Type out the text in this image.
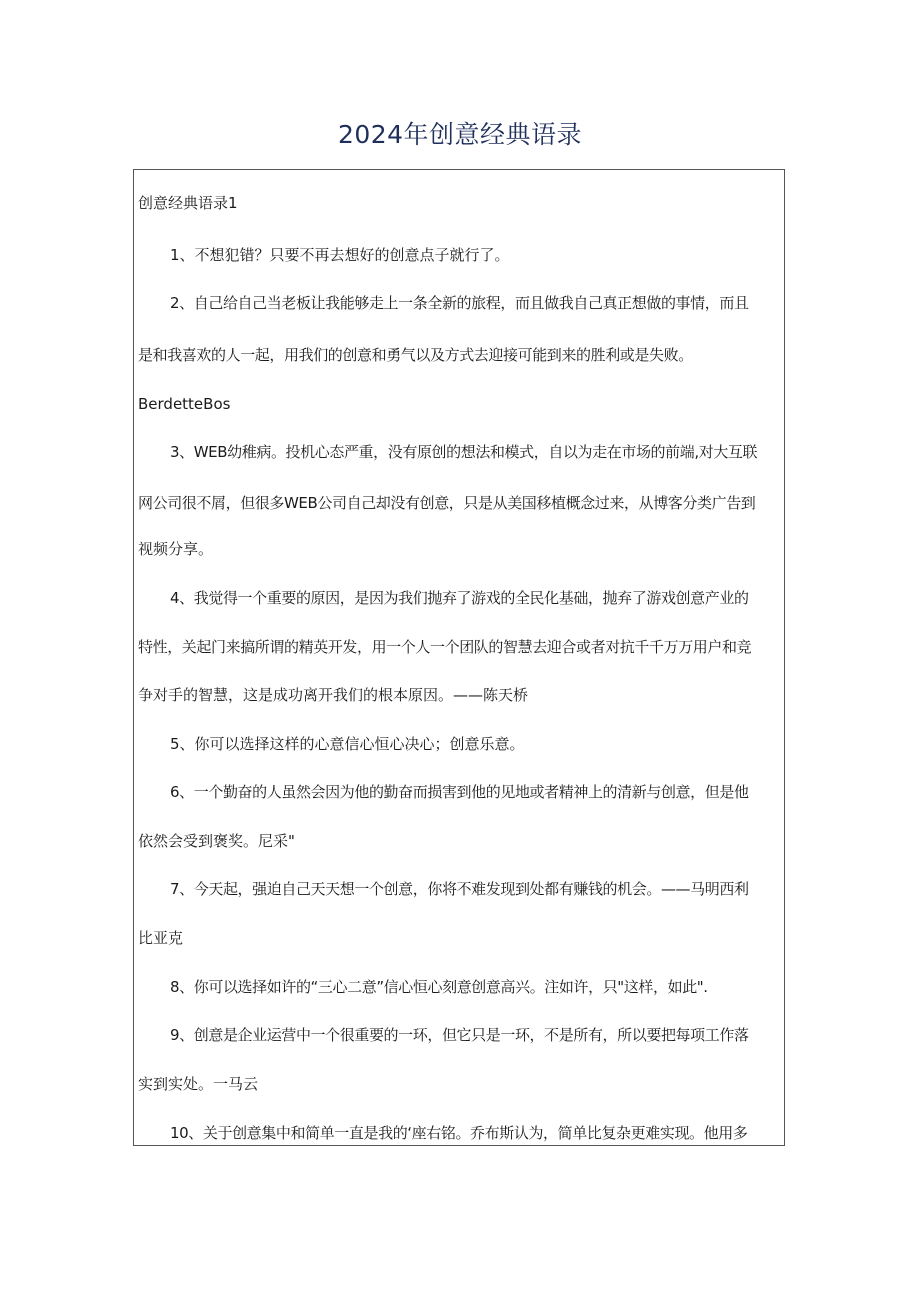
2024年创意经典语录
创意经典语录1
1、不想犯错？只要不再去想好的创意点子就行了。
2、自己给自己当老板让我能够走上一条全新的旅程，而且做我自己真正想做的事情，而且
是和我喜欢的人一起，用我们的创意和勇气以及方式去迎接可能到来的胜利或是失败。
BerdetteBos
3、WEB幼稚病。投机心态严重，没有原创的想法和模式，自以为走在市场的前端,对大互联
网公司很不屑，但很多WEB公司自己却没有创意，只是从美国移植概念过来，从博客分类广告到
视频分享。
4、我觉得一个重要的原因，是因为我们抛弃了游戏的全民化基础，抛弃了游戏创意产业的
特性，关起门来搞所谓的精英开发，用一个人一个团队的智慧去迎合或者对抗千千万万用户和竞
争对手的智慧，这是成功离开我们的根本原因。——陈天桥
5、你可以选择这样的心意信心恒心决心；创意乐意。
6、一个勤奋的人虽然会因为他的勤奋而损害到他的见地或者精神上的清新与创意，但是他
依然会受到褒奖。尼采"
7、今天起，强迫自己天天想一个创意，你将不难发现到处都有赚钱的机会。——马明西利
比亚克
8、你可以选择如许的“三心二意”信心恒心刻意创意高兴。注如许，只"这样，如此".
9、创意是企业运营中一个很重要的一环，但它只是一环，不是所有，所以要把每项工作落
实到实处。一马云
10、关于创意集中和简单一直是我的‘座右铭。乔布斯认为，简单比复杂更难实现。他用多
